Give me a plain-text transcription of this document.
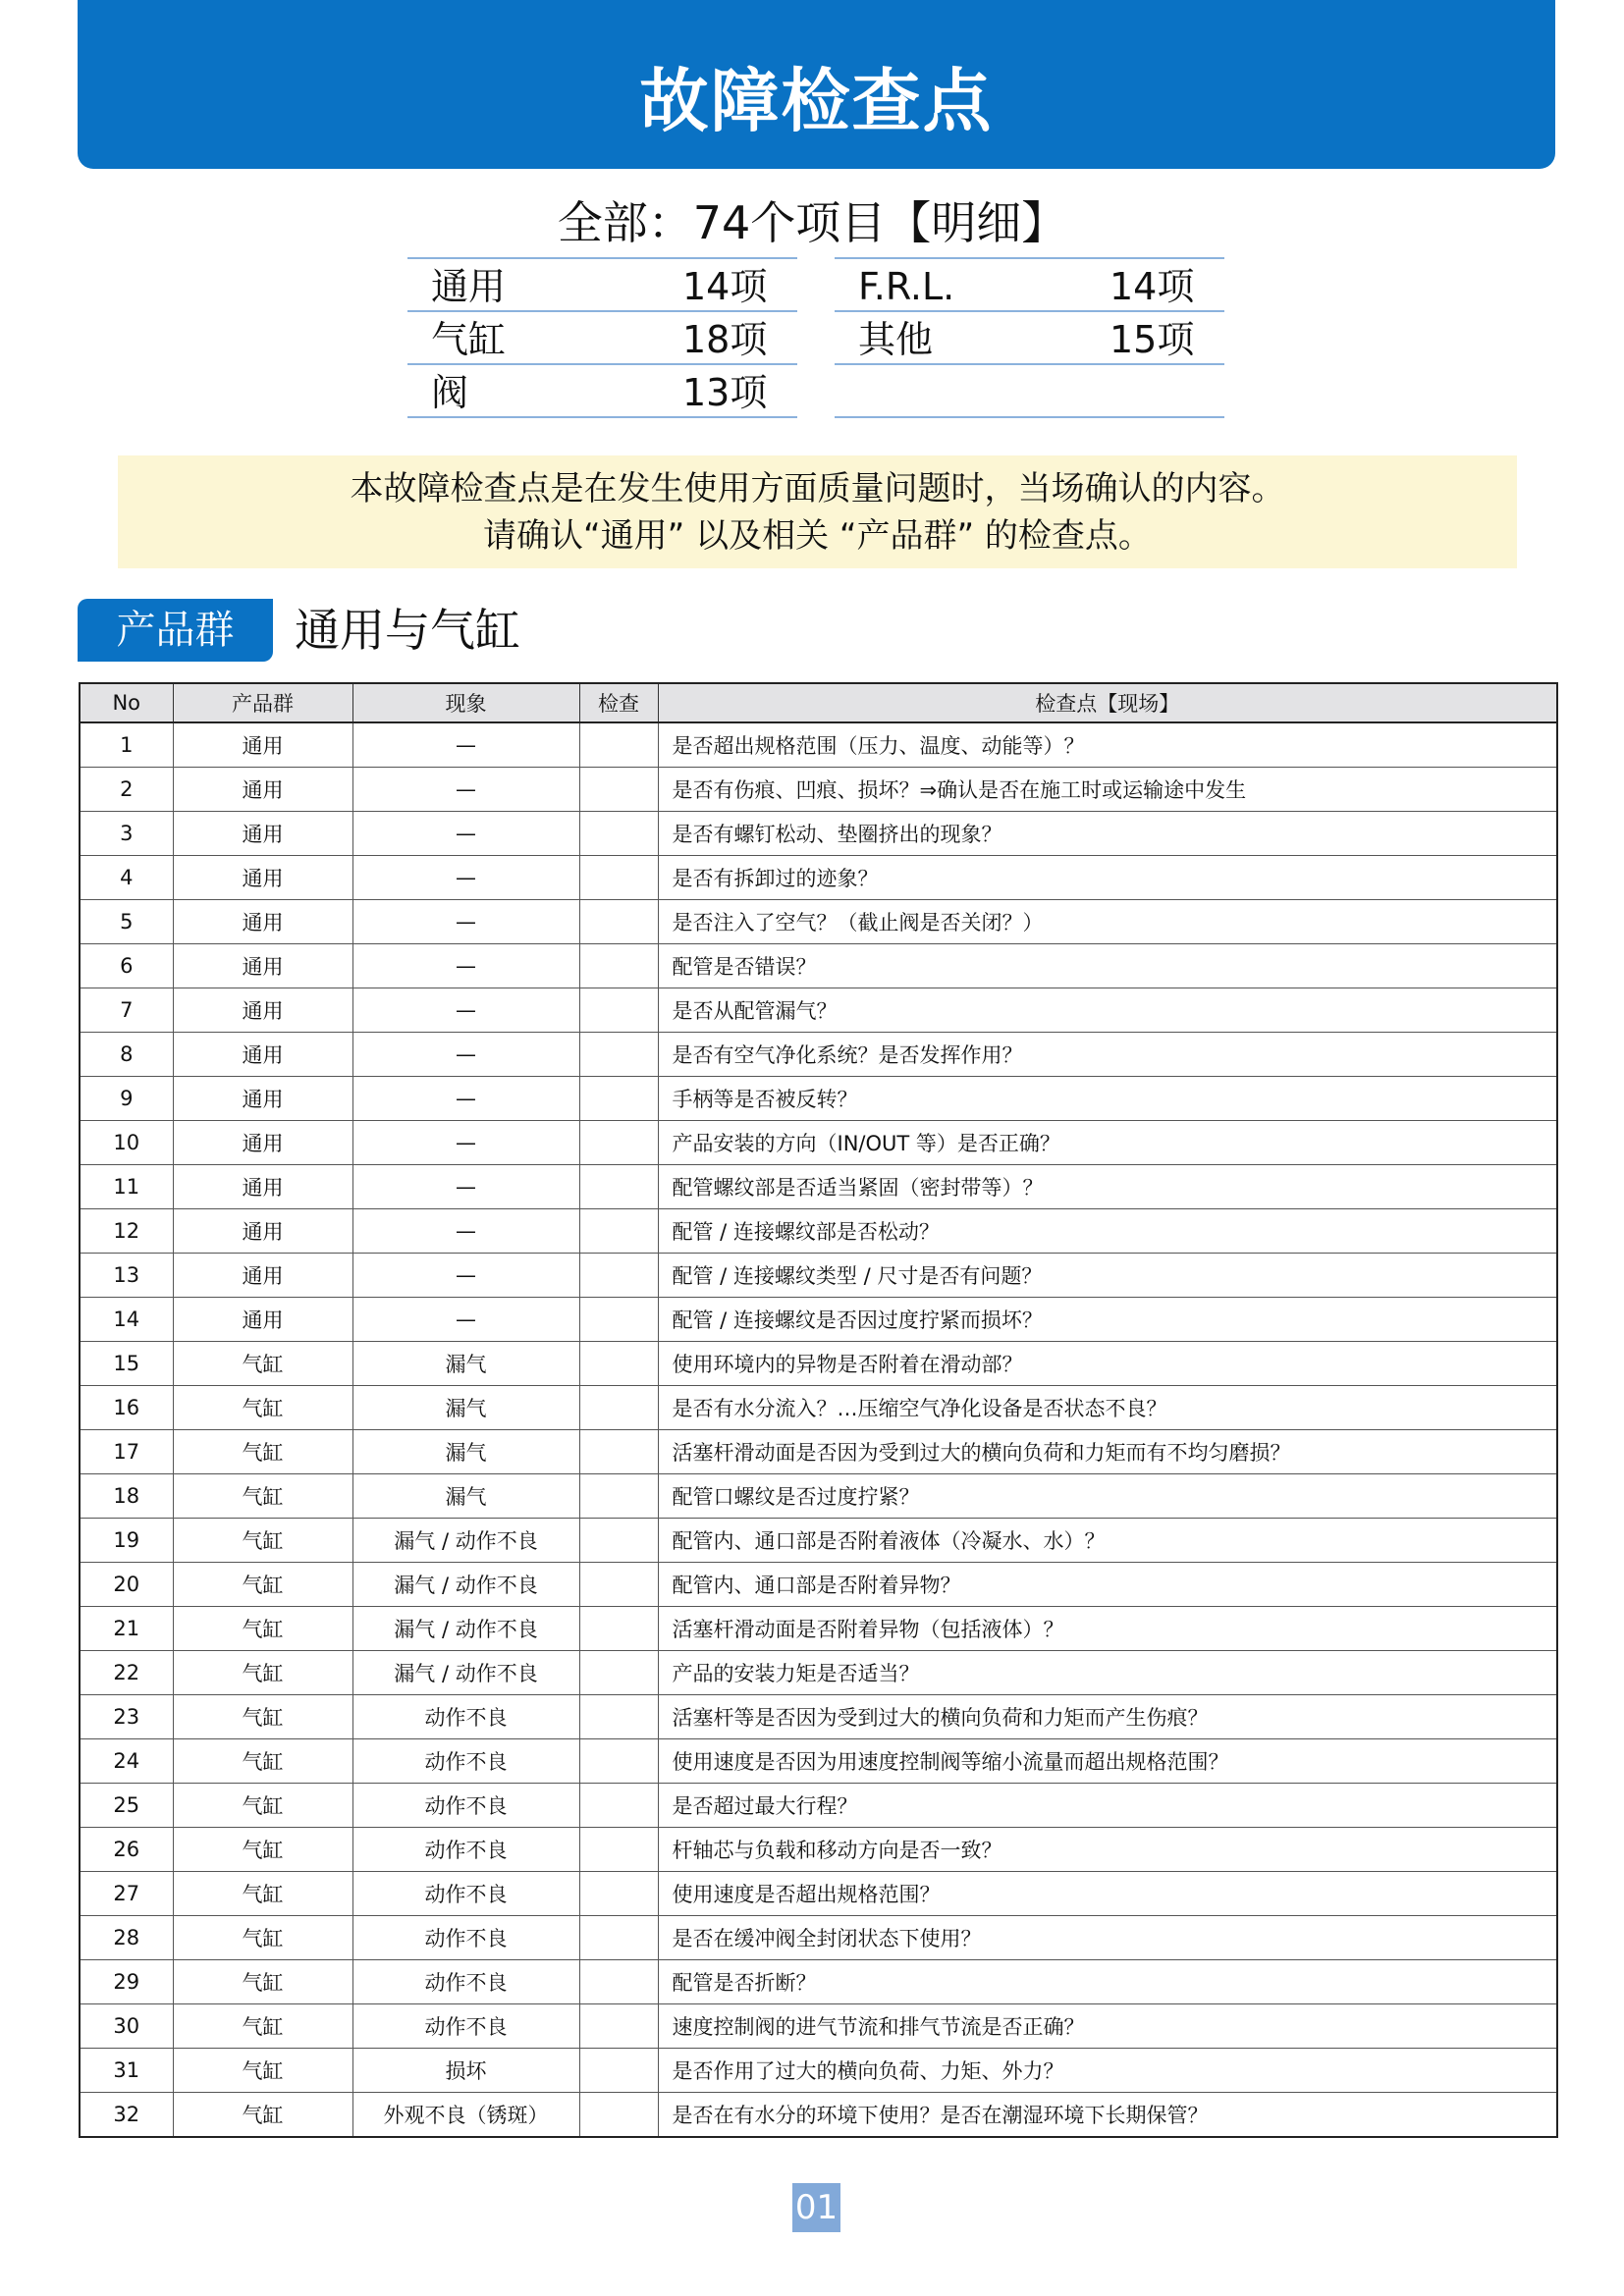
故障检查点
全部：74个项目【明细】
通用	14项
气缸	18项
阀	13项
F.R.L.	14项
其他	15项
本故障检查点是在发生使用方面质量问题时，当场确认的内容。
请确认“通用” 以及相关 “产品群” 的检查点。
产品群	通用与气缸
No	产品群	现象	检查	检查点【现场】
1	通用	—		是否超出规格范围（压力、温度、动能等）？
2	通用	—		是否有伤痕、凹痕、损坏？⇒确认是否在施工时或运输途中发生
3	通用	—		是否有螺钉松动、垫圈挤出的现象？
4	通用	—		是否有拆卸过的迹象？
5	通用	—		是否注入了空气？（截止阀是否关闭？）
6	通用	—		配管是否错误？
7	通用	—		是否从配管漏气？
8	通用	—		是否有空气净化系统？是否发挥作用？
9	通用	—		手柄等是否被反转？
10	通用	—		产品安装的方向（IN/OUT 等）是否正确？
11	通用	—		配管螺纹部是否适当紧固（密封带等）？
12	通用	—		配管 / 连接螺纹部是否松动？
13	通用	—		配管 / 连接螺纹类型 / 尺寸是否有问题？
14	通用	—		配管 / 连接螺纹是否因过度拧紧而损坏？
15	气缸	漏气		使用环境内的异物是否附着在滑动部？
16	气缸	漏气		是否有水分流入？…压缩空气净化设备是否状态不良？
17	气缸	漏气		活塞杆滑动面是否因为受到过大的横向负荷和力矩而有不均匀磨损？
18	气缸	漏气		配管口螺纹是否过度拧紧？
19	气缸	漏气 / 动作不良		配管内、通口部是否附着液体（冷凝水、水）？
20	气缸	漏气 / 动作不良		配管内、通口部是否附着异物？
21	气缸	漏气 / 动作不良		活塞杆滑动面是否附着异物（包括液体）？
22	气缸	漏气 / 动作不良		产品的安装力矩是否适当？
23	气缸	动作不良		活塞杆等是否因为受到过大的横向负荷和力矩而产生伤痕？
24	气缸	动作不良		使用速度是否因为用速度控制阀等缩小流量而超出规格范围？
25	气缸	动作不良		是否超过最大行程？
26	气缸	动作不良		杆轴芯与负载和移动方向是否一致？
27	气缸	动作不良		使用速度是否超出规格范围？
28	气缸	动作不良		是否在缓冲阀全封闭状态下使用？
29	气缸	动作不良		配管是否折断？
30	气缸	动作不良		速度控制阀的进气节流和排气节流是否正确？
31	气缸	损坏		是否作用了过大的横向负荷、力矩、外力？
32	气缸	外观不良（锈斑）		是否在有水分的环境下使用？是否在潮湿环境下长期保管？
01
